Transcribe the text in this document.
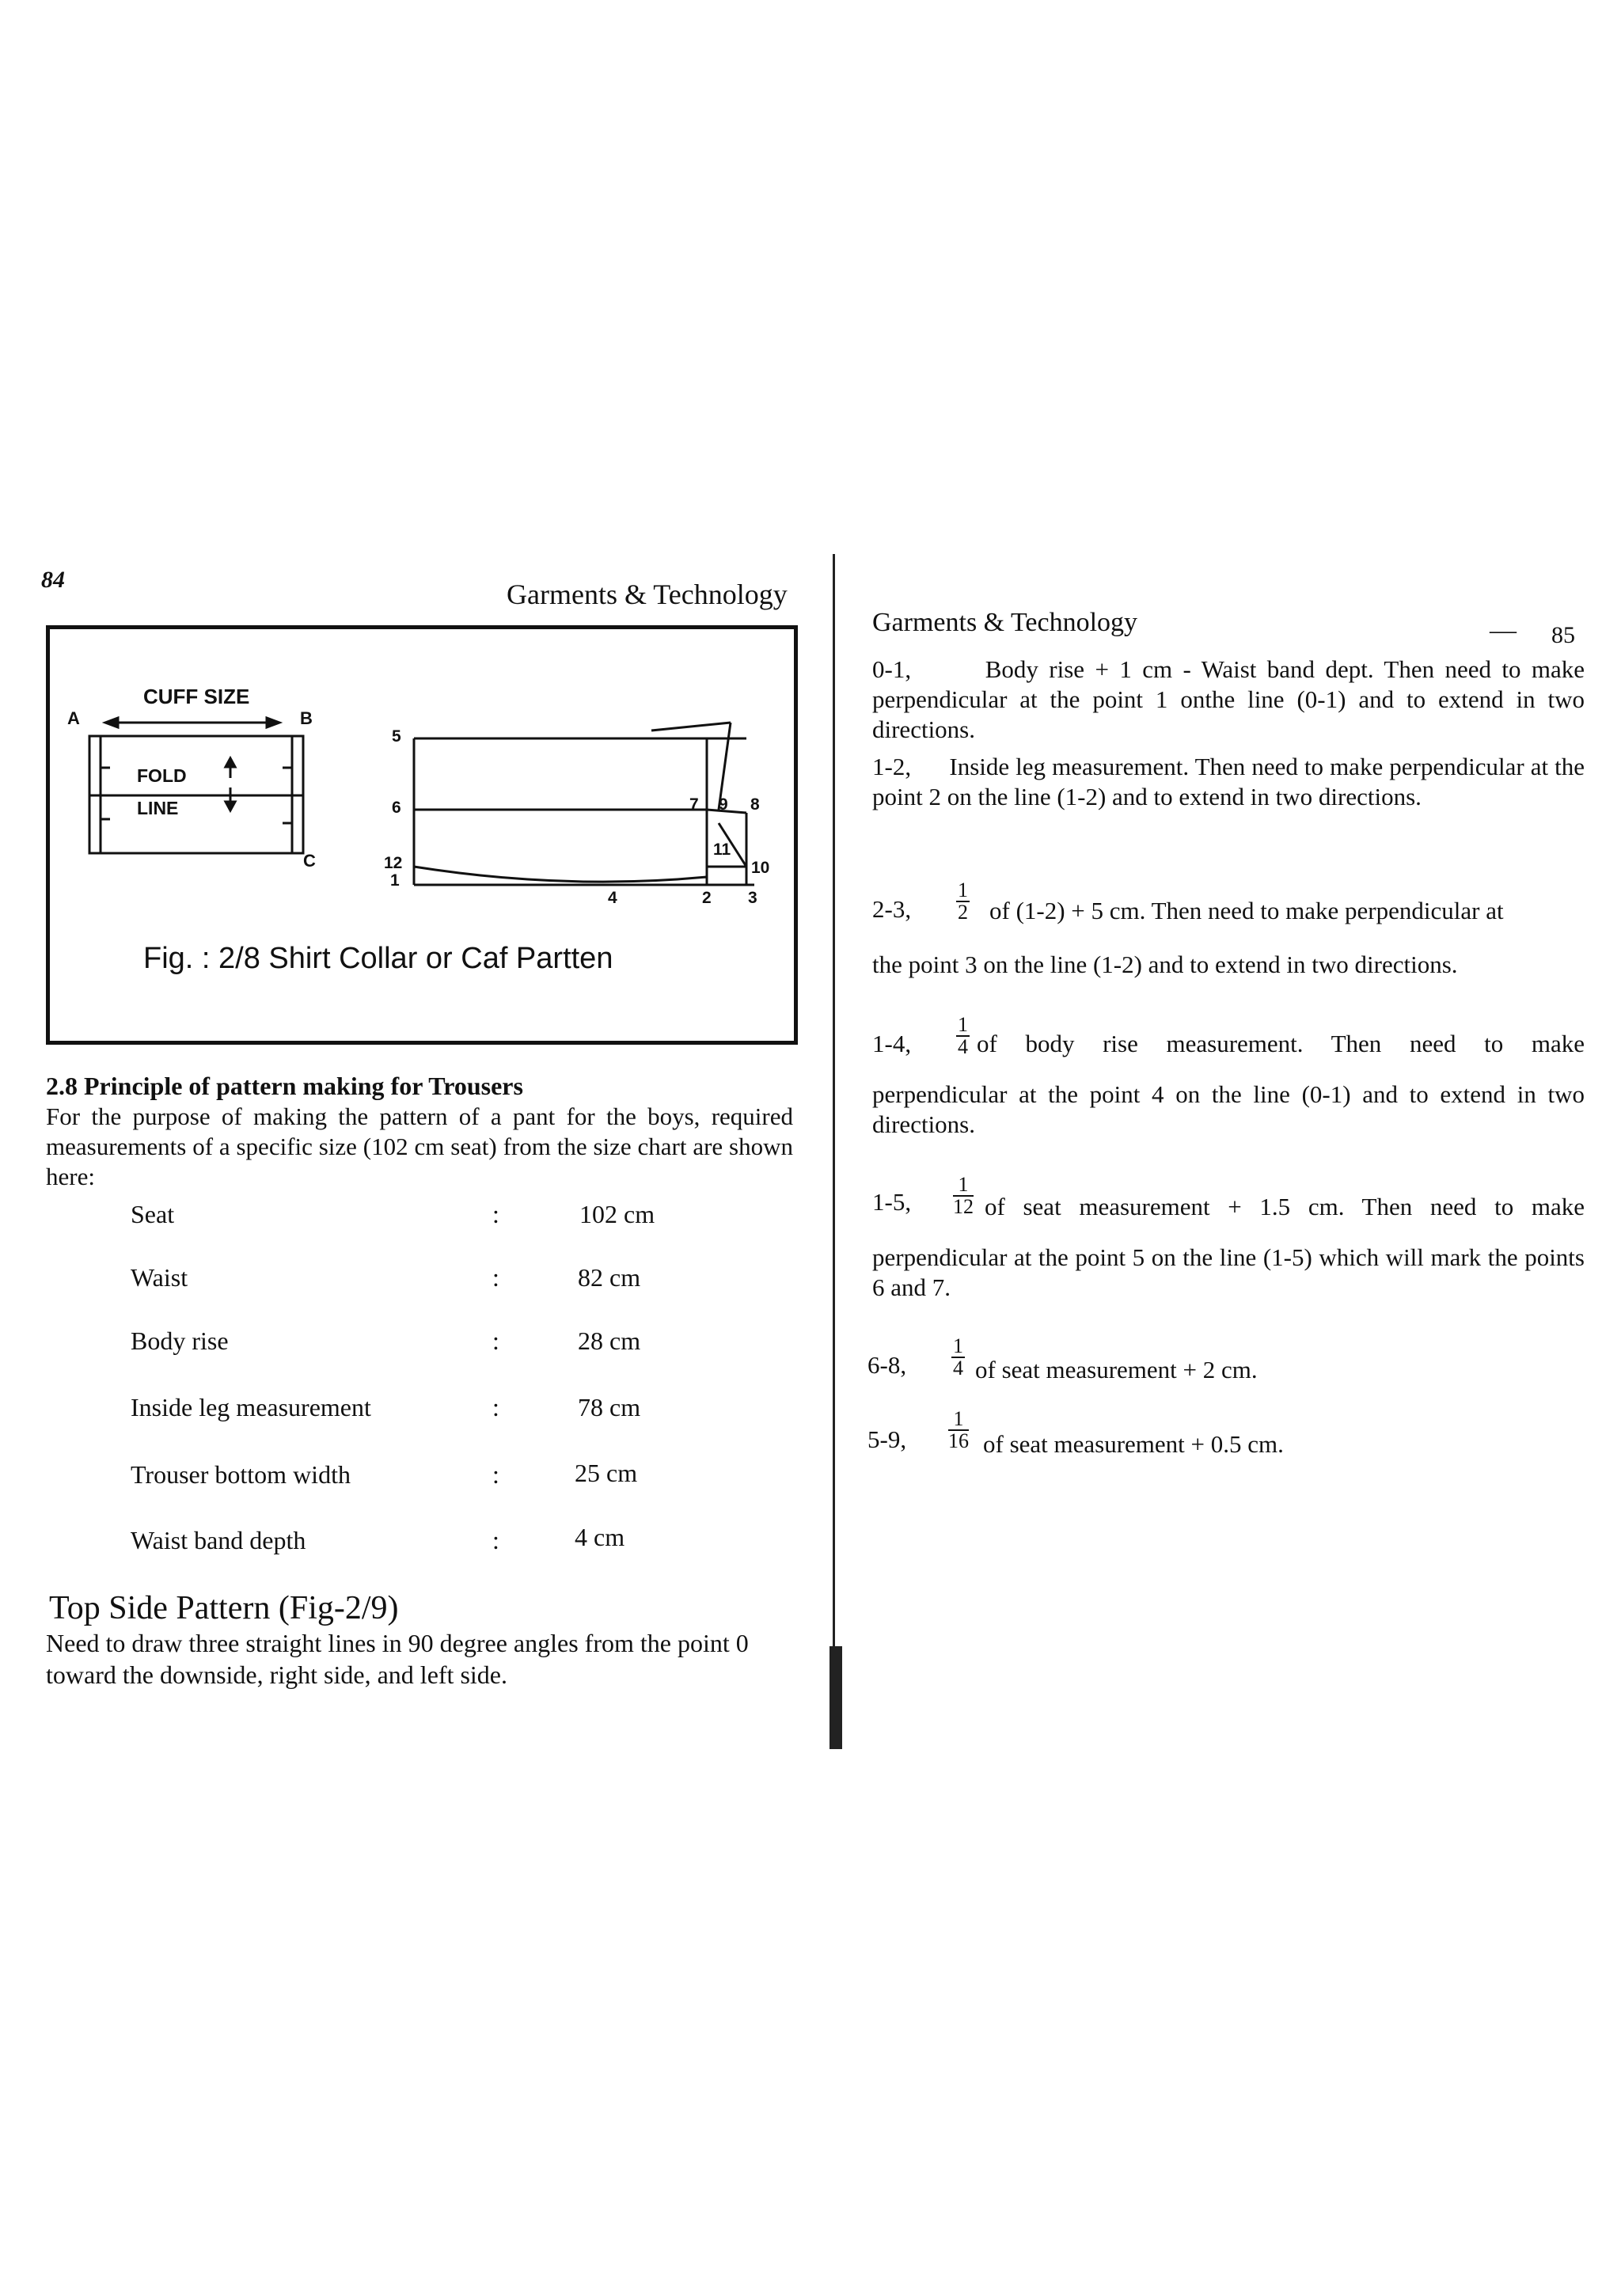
84	Garments & Technology
CUFF SIZE
A	B
C
FOLD
LINE
5
6
12
1
4	2 3
7 9 8
11
10
Fig. : 2/8 Shirt Collar or Caf Partten
2.8 Principle of pattern making for Trousers
For the purpose of making the pattern of a pant for the boys, required measurements of a specific size (102 cm seat) from the size chart are shown here:
Seat	:	102 cm
Waist	:	82 cm
Body rise	:	28 cm
Inside leg measurement	:	78 cm
Trouser bottom width	:	25 cm
Waist band depth	:	4 cm
Top Side Pattern (Fig-2/9)
Need to draw three straight lines in 90 degree angles from the point 0 toward the downside, right side, and left side.
Garments & Technology	— 85
0-1,	Body rise + 1 cm - Waist band dept. Then need to make perpendicular at the point 1 onthe line (0-1) and to extend in two directions.
1-2, Inside leg measurement. Then need to make perpendicular at the point 2 on the line (1-2) and to extend in two directions.
2-3, $\frac{1}{2}$ of (1-2) + 5 cm. Then need to make perpendicular at
the point 3 on the line (1-2) and to extend in two directions.
1-4, $\frac{1}{4}$ of body rise measurement. Then need to make
perpendicular at the point 4 on the line (0-1) and to extend in two directions.
1-5, $\frac{1}{12}$ of seat measurement + 1.5 cm. Then need to make
perpendicular at the point 5 on the line (1-5) which will mark the points 6 and 7.
6-8, $\frac{1}{4}$ of seat measurement + 2 cm.
5-9, $\frac{1}{16}$ of seat measurement + 0.5 cm.
